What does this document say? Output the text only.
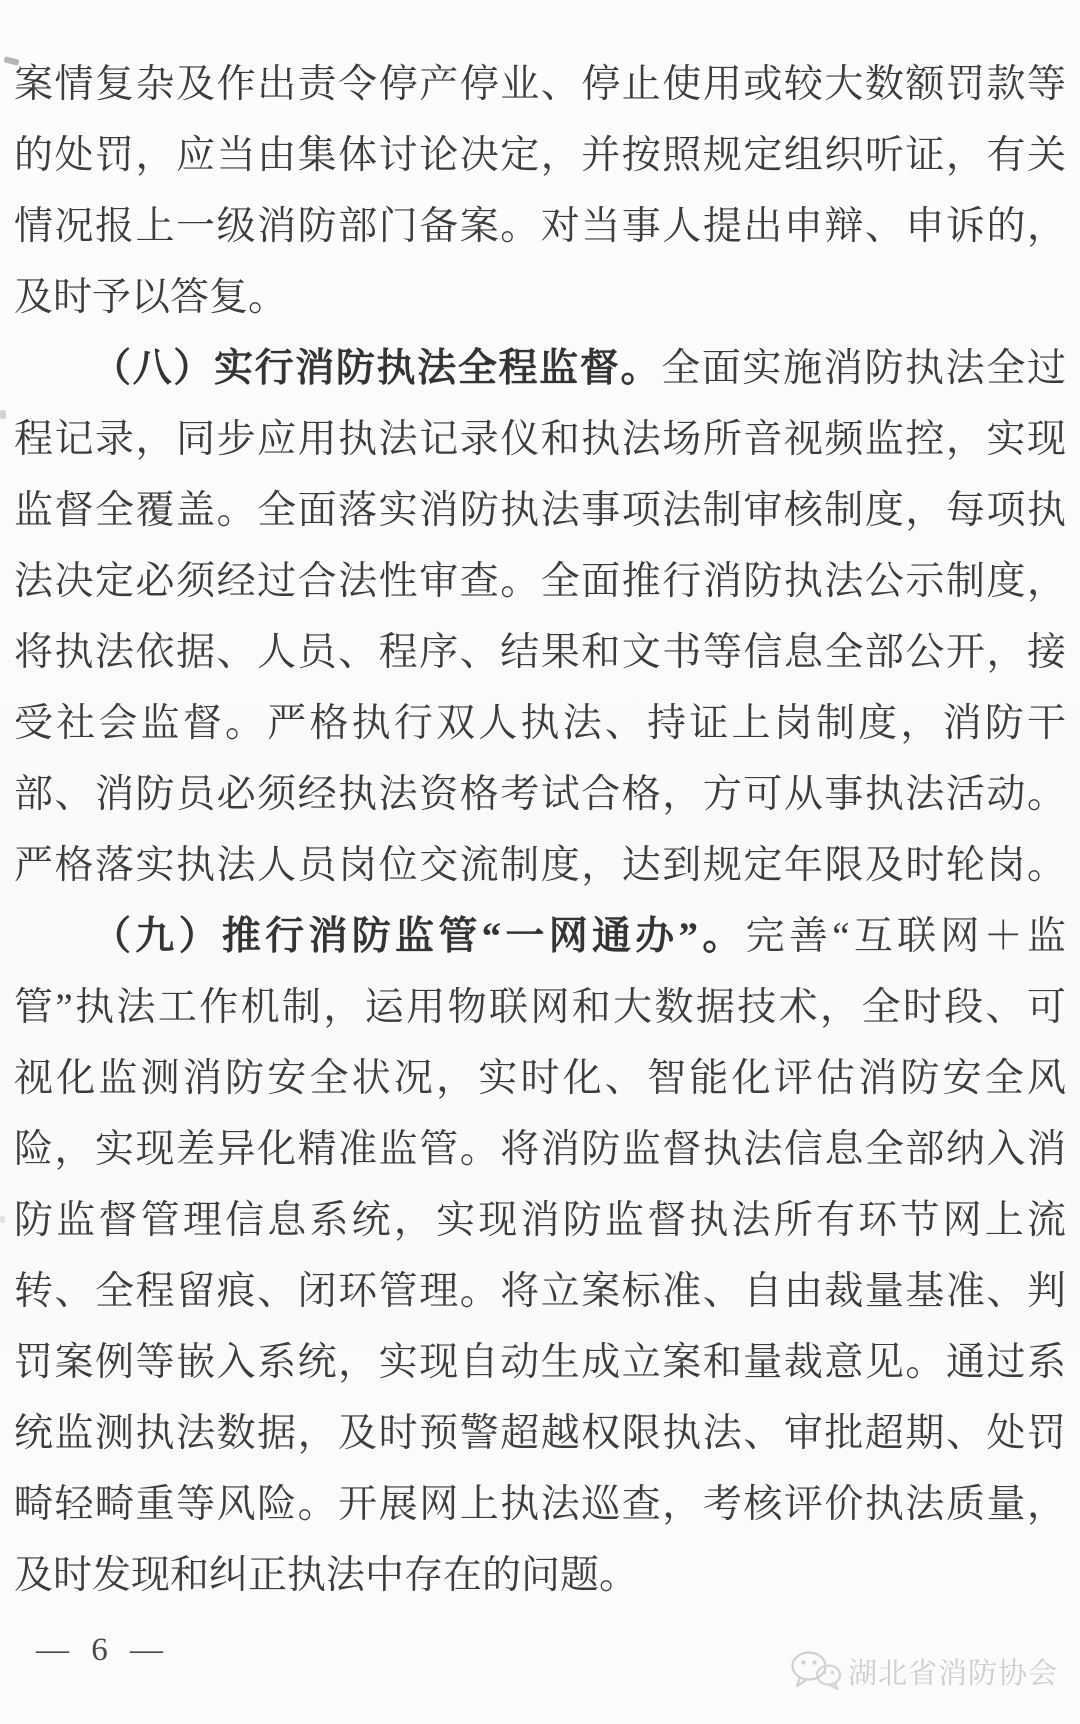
案情复杂及作出责令停产停业、停止使用或较大数额罚款等
的处罚，应当由集体讨论决定，并按照规定组织听证，有关
情况报上一级消防部门备案。对当事人提出申辩、申诉的，
及时予以答复。
（八）实行消防执法全程监督。全面实施消防执法全过
程记录，同步应用执法记录仪和执法场所音视频监控，实现
监督全覆盖。全面落实消防执法事项法制审核制度，每项执
法决定必须经过合法性审查。全面推行消防执法公示制度，
将执法依据、人员、程序、结果和文书等信息全部公开，接
受社会监督。严格执行双人执法、持证上岗制度，消防干
部、消防员必须经执法资格考试合格，方可从事执法活动。
严格落实执法人员岗位交流制度，达到规定年限及时轮岗。
（九）推行消防监管“一网通办”。完善“互联网＋监
管”执法工作机制，运用物联网和大数据技术，全时段、可
视化监测消防安全状况，实时化、智能化评估消防安全风
险，实现差异化精准监管。将消防监督执法信息全部纳入消
防监督管理信息系统，实现消防监督执法所有环节网上流
转、全程留痕、闭环管理。将立案标准、自由裁量基准、判
罚案例等嵌入系统，实现自动生成立案和量裁意见。通过系
统监测执法数据，及时预警超越权限执法、审批超期、处罚
畸轻畸重等风险。开展网上执法巡查，考核评价执法质量，
及时发现和纠正执法中存在的问题。
— 6 —
湖北省消防协会
